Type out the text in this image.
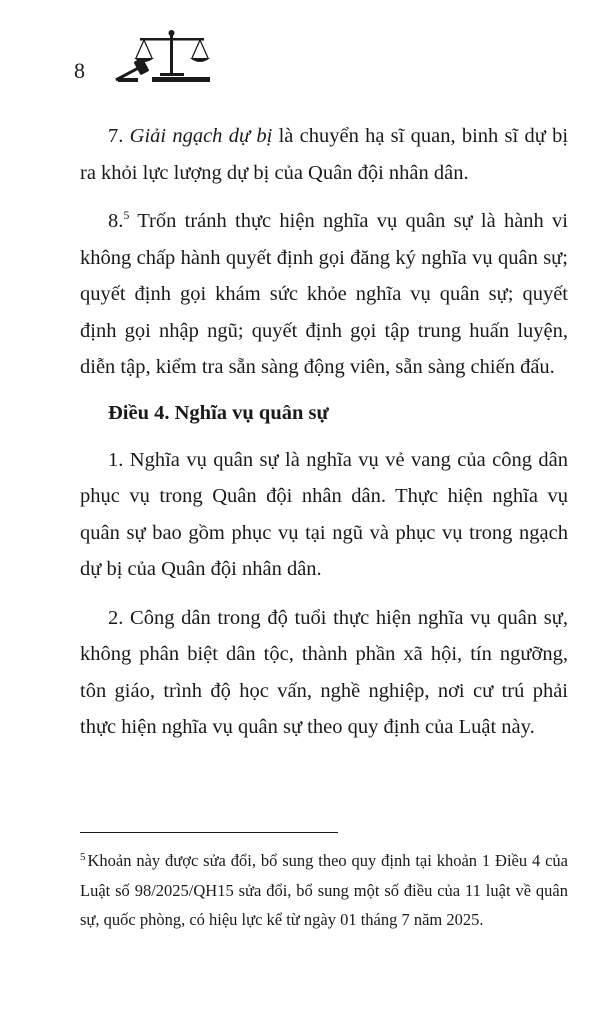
8

7. Giải ngạch dự bị là chuyển hạ sĩ quan, binh sĩ dự bị ra khỏi lực lượng dự bị của Quân đội nhân dân.

8.$^5$ Trốn tránh thực hiện nghĩa vụ quân sự là hành vi không chấp hành quyết định gọi đăng ký nghĩa vụ quân sự; quyết định gọi khám sức khỏe nghĩa vụ quân sự; quyết định gọi nhập ngũ; quyết định gọi tập trung huấn luyện, diễn tập, kiểm tra sẵn sàng động viên, sẵn sàng chiến đấu.

Điều 4. Nghĩa vụ quân sự

1. Nghĩa vụ quân sự là nghĩa vụ vẻ vang của công dân phục vụ trong Quân đội nhân dân. Thực hiện nghĩa vụ quân sự bao gồm phục vụ tại ngũ và phục vụ trong ngạch dự bị của Quân đội nhân dân.

2. Công dân trong độ tuổi thực hiện nghĩa vụ quân sự, không phân biệt dân tộc, thành phần xã hội, tín ngưỡng, tôn giáo, trình độ học vấn, nghề nghiệp, nơi cư trú phải thực hiện nghĩa vụ quân sự theo quy định của Luật này.

$^5$ Khoản này được sửa đổi, bổ sung theo quy định tại khoản 1 Điều 4 của Luật số 98/2025/QH15 sửa đổi, bổ sung một số điều của 11 luật về quân sự, quốc phòng, có hiệu lực kể từ ngày 01 tháng 7 năm 2025.
